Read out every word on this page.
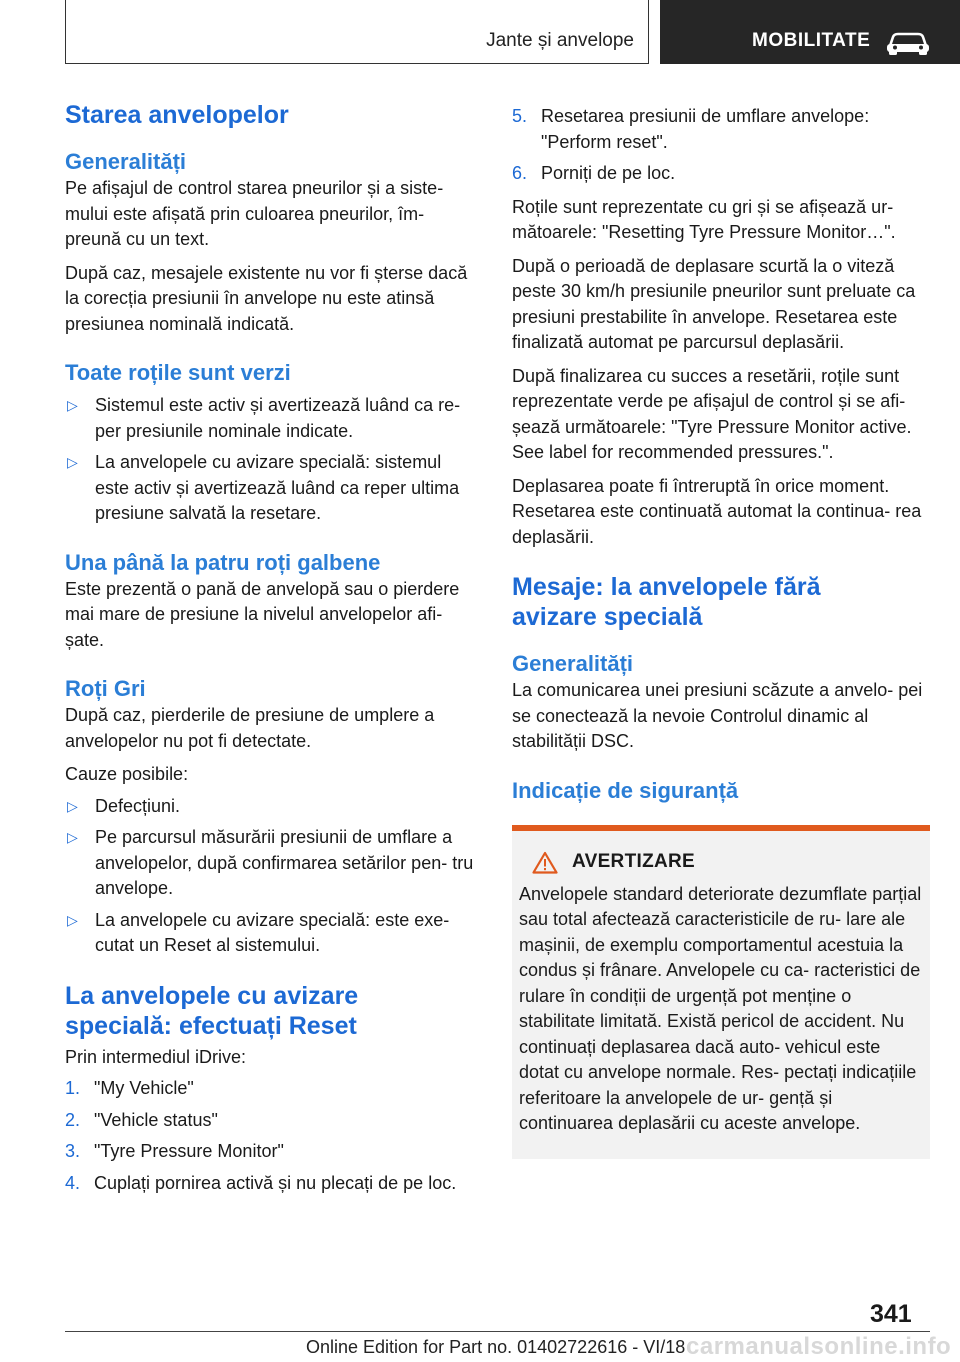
Jante și anvelope	MOBILITATE
Starea anvelopelor
Generalități

Pe afișajul de control starea pneurilor și a siste- mului este afișată prin culoarea pneurilor, îm- preună cu un text.

După caz, mesajele existente nu vor fi șterse dacă la corecția presiunii în anvelope nu este atinsă presiunea nominală indicată.

Toate roțile sunt verzi
▷ Sistemul este activ și avertizează luând ca re- per presiunile nominale indicate.
▷ La anvelopele cu avizare specială: sistemul este activ și avertizează luând ca reper ultima presiune salvată la resetare.
Una până la patru roți galbene

Este prezentă o pană de anvelopă sau o pierdere mai mare de presiune la nivelul anvelopelor afi- șate.

Roți Gri

După caz, pierderile de presiune de umplere a anvelopelor nu pot fi detectate.

Cauze posibile:

▷ Defecțiuni.
▷ Pe parcursul măsurării presiunii de umflare a anvelopelor, după confirmarea setărilor pen- tru anvelope.
▷ La anvelopele cu avizare specială: este exe- cutat un Reset al sistemului.
La anvelopele cu avizare
specială: efectuați Reset

Prin intermediul iDrive:

1. "My Vehicle"
2. "Vehicle status"
3. "Tyre Pressure Monitor"
4. Cuplați pornirea activă și nu plecați de pe loc.
5. Resetarea presiunii de umflare anvelope: "Perform reset".
6. Porniți de pe loc.

Roțile sunt reprezentate cu gri și se afișează ur- mătoarele: "Resetting Tyre Pressure Monitor…".

După o perioadă de deplasare scurtă la o viteză peste 30 km/h presiunile pneurilor sunt preluate ca presiuni prestabilite în anvelope. Resetarea este finalizată automat pe parcursul deplasării.

După finalizarea cu succes a resetării, roțile sunt reprezentate verde pe afișajul de control și se afi- șează următoarele: "Tyre Pressure Monitor active. See label for recommended pressures.".

Deplasarea poate fi întreruptă în orice moment. Resetarea este continuată automat la continua- rea deplasării.

Mesaje: la anvelopele fără
avizare specială
Generalități

La comunicarea unei presiuni scăzute a anvelo- pei se conectează la nevoie Controlul dinamic al stabilității DSC.

Indicație de siguranță
AVERTIZARE

Anvelopele standard deteriorate dezumflate parțial sau total afectează caracteristicile de ru- lare ale mașinii, de exemplu comportamentul acestuia la condus și frânare. Anvelopele cu ca- racteristici de rulare în condiții de urgență pot menține o stabilitate limitată. Există pericol de accident. Nu continuați deplasarea dacă auto- vehicul este dotat cu anvelope normale. Res- pectați indicațiile referitoare la anvelopele de ur- gență și continuarea deplasării cu aceste anvelope.

341
Online Edition for Part no. 01402722616 - VI/18 carmanualsonline.info
